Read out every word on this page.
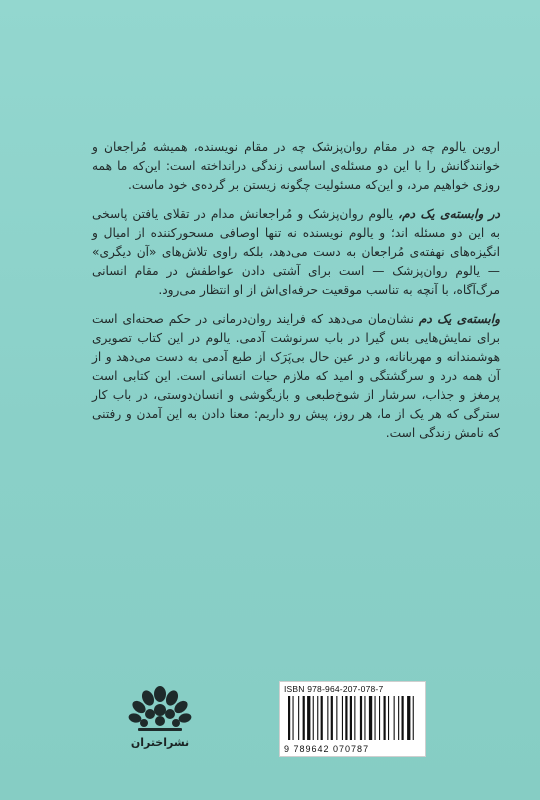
اروین یالوم چه در مقام روان‌پزشک چه در مقام نویسنده، همیشه مُراجعان و خوانندگانش را با این دو مسئله‌ی اساسی زندگی درانداخته است: این‌که ما همه روزی خواهیم مرد، و این‌که مسئولیت چگونه زیستن بر گرده‌ی خود ماست.

در وابسته‌ی یک دم، یالوم روان‌پزشک و مُراجعانش مدام در تقلای یافتن پاسخی به این دو مسئله اند؛ و یالوم نویسنده نه تنها اوصافی مسحورکننده از امیال و انگیزه‌های نهفته‌ی مُراجعان به دست می‌دهد، بلکه راوی تلاش‌های «آن دیگری» — یالوم روان‌پزشک — است برای آشتی دادن عواطفش در مقام انسانی مرگ‌آگاه، با آنچه به تناسب موقعیت حرفه‌ای‌اش از او انتظار می‌رود.

وابسته‌ی یک دم نشان‌مان می‌دهد که فرایند روان‌درمانی در حکم صحنه‌ای است برای نمایش‌هایی بس گیرا در باب سرنوشت آدمی. یالوم در این کتاب تصویری هوشمندانه و مهربانانه، و در عین حال بی‌پَرَک از طبع آدمی به دست می‌دهد و از آن همه درد و سرگشتگی و امید که ملازم حیات انسانی است. این کتابی است پرمغز و جذاب، سرشار از شوخ‌طبعی و بازیگوشی و انسان‌دوستی، در باب کار سترگی که هر یک از ما، هر روز، پیش رو داریم: معنا دادن به این آمدن و رفتنی که نامش زندگی است.

نشراختران
ISBN 978-964-207-078-7
9 789642 070787
